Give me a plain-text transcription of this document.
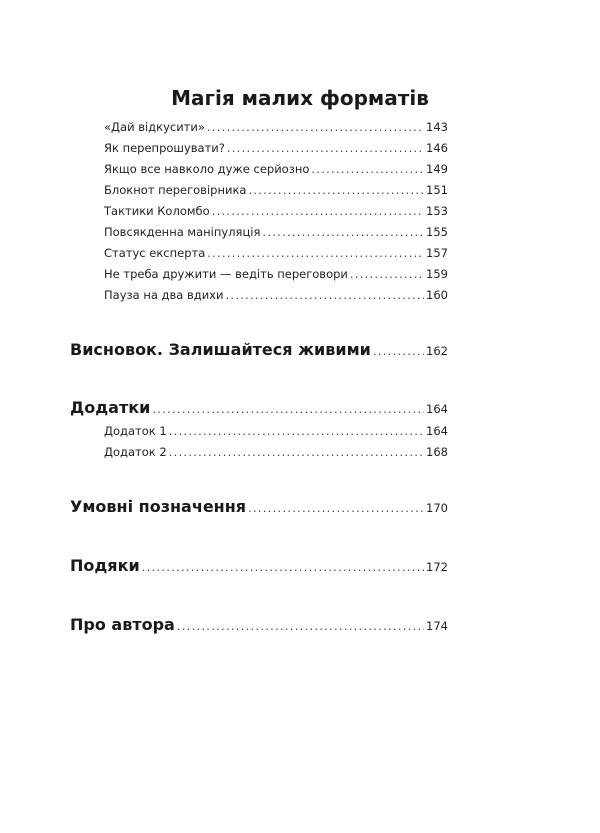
Магія малих форматів
«Дай відкусити» . . .	143
Як перепрошувати? . . .	146
Якщо все навколо дуже серйозно . . .	149
Блокнот переговірника . . .	151
Тактики Коломбо . . .	153
Повсякденна маніпуляція . . .	155
Статус експерта . . .	157
Не треба дружити — ведіть переговори . . .	159
Пауза на два вдихи . . .	160
Висновок. Залишайтеся живими . . .	162
Додатки . . .	164
Додаток 1 . . .	164
Додаток 2 . . .	168
Умовні позначення . . .	170
Подяки . . .	172
Про автора . . .	174
